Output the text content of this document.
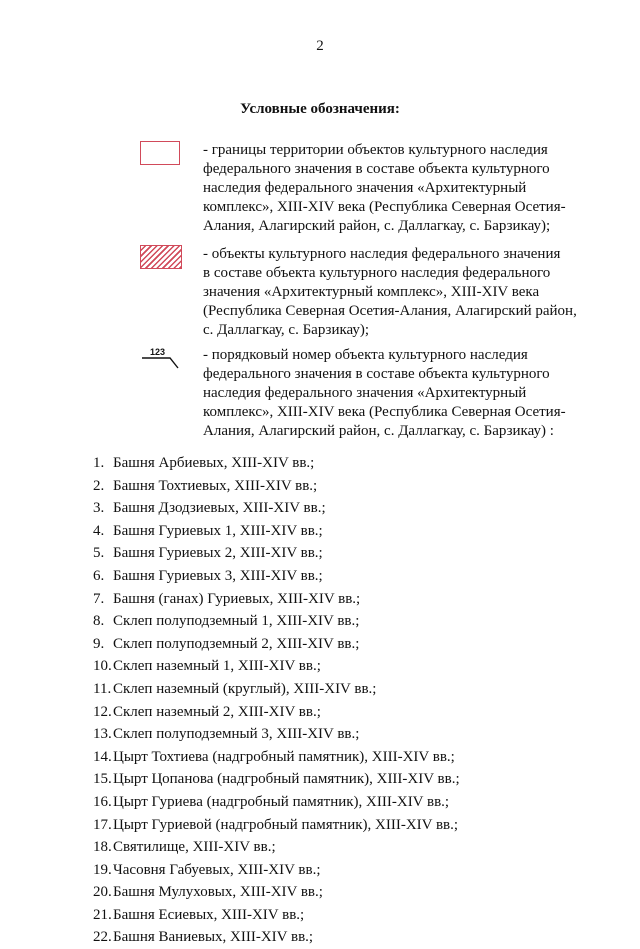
2
Условные обозначения:
- границы территории объектов культурного наследия
федерального значения в составе объекта культурного
наследия федерального значения «Архитектурный
комплекс», XIII-XIV века (Республика Северная Осетия-
Алания, Алагирский район, с. Даллагкау, с. Барзикау);
- объекты культурного наследия федерального значения
в составе объекта культурного наследия федерального
значения «Архитектурный комплекс», XIII-XIV века
(Республика Северная Осетия-Алания, Алагирский район,
с. Даллагкау, с. Барзикау);
123	- порядковый номер объекта культурного наследия
федерального значения в составе объекта культурного
наследия федерального значения «Архитектурный
комплекс», XIII-XIV века (Республика Северная Осетия-
Алания, Алагирский район, с. Даллагкау, с. Барзикау) :
1. Башня Арбиевых, XIII-XIV вв.;
2. Башня Тохтиевых, XIII-XIV вв.;
3. Башня Дзодзиевых, XIII-XIV вв.;
4. Башня Гуриевых 1, XIII-XIV вв.;
5. Башня Гуриевых 2, XIII-XIV вв.;
6. Башня Гуриевых 3, XIII-XIV вв.;
7. Башня (ганах) Гуриевых, XIII-XIV вв.;
8. Склеп полуподземный 1, XIII-XIV вв.;
9. Склеп полуподземный 2, XIII-XIV вв.;
10.Склеп наземный 1, XIII-XIV вв.;
11. Склеп наземный (круглый), XIII-XIV вв.;
12.Склеп наземный 2, XIII-XIV вв.;
13.Склеп полуподземный 3, XIII-XIV вв.;
14.Цырт Тохтиева (надгробный памятник), XIII-XIV вв.;
15.Цырт Цопанова (надгробный памятник), XIII-XIV вв.;
16.Цырт Гуриева (надгробный памятник), XIII-XIV вв.;
17.Цырт Гуриевой (надгробный памятник), XIII-XIV вв.;
18.Святилище, XIII-XIV вв.;
19.Часовня Габуевых, XIII-XIV вв.;
20.Башня Мулуховых, XIII-XIV вв.;
21.Башня Есиевых, XIII-XIV вв.;
22.Башня Ваниевых, XIII-XIV вв.;
